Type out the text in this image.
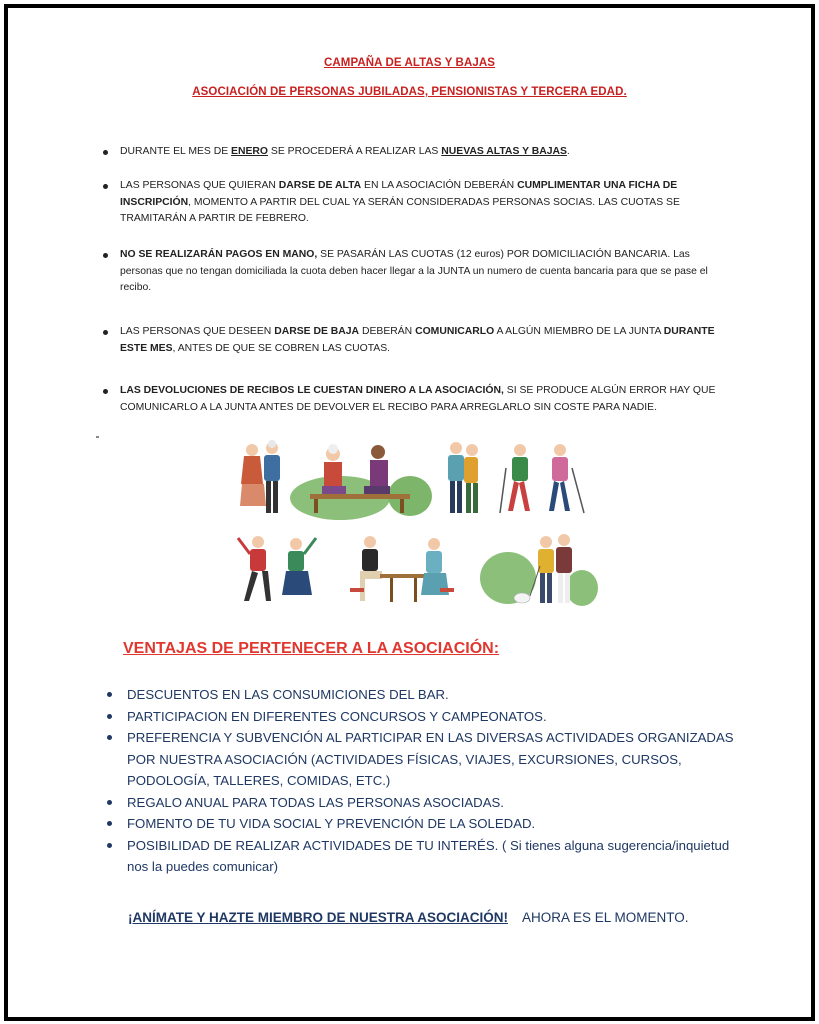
CAMPAÑA DE ALTAS Y BAJAS
ASOCIACIÓN DE PERSONAS JUBILADAS, PENSIONISTAS Y TERCERA EDAD.
DURANTE EL MES DE ENERO SE PROCEDERÁ A REALIZAR LAS NUEVAS ALTAS Y BAJAS.
LAS PERSONAS QUE QUIERAN DARSE DE ALTA EN LA ASOCIACIÓN DEBERÁN CUMPLIMENTAR UNA FICHA DE INSCRIPCIÓN, MOMENTO A PARTIR DEL CUAL YA SERÁN CONSIDERADAS PERSONAS SOCIAS. LAS CUOTAS SE TRAMITARÁN A PARTIR DE FEBRERO.
NO SE REALIZARÁN PAGOS EN MANO, SE PASARÁN LAS CUOTAS (12 euros) POR DOMICILIACIÓN BANCARIA. Las personas que no tengan domiciliada la cuota deben hacer llegar a la JUNTA un numero de cuenta bancaria para que se pase el recibo.
LAS PERSONAS QUE DESEEN DARSE DE BAJA DEBERÁN COMUNICARLO A ALGÚN MIEMBRO DE LA JUNTA DURANTE ESTE MES, ANTES DE QUE SE COBREN LAS CUOTAS.
LAS DEVOLUCIONES DE RECIBOS LE CUESTAN DINERO A LA ASOCIACIÓN, SI SE PRODUCE ALGÚN ERROR HAY QUE COMUNICARLO A LA JUNTA ANTES DE DEVOLVER EL RECIBO PARA ARREGLARLO SIN COSTE PARA NADIE.
VENTAJAS DE PERTENECER A LA ASOCIACIÓN:
DESCUENTOS EN LAS CONSUMICIONES DEL BAR.
PARTICIPACION EN DIFERENTES CONCURSOS Y CAMPEONATOS.
PREFERENCIA Y SUBVENCIÓN AL PARTICIPAR EN LAS DIVERSAS ACTIVIDADES ORGANIZADAS POR NUESTRA ASOCIACIÓN (ACTIVIDADES FÍSICAS, VIAJES, EXCURSIONES, CURSOS, PODOLOGÍA, TALLERES, COMIDAS, ETC.)
REGALO ANUAL PARA TODAS LAS PERSONAS ASOCIADAS.
FOMENTO DE TU VIDA SOCIAL Y PREVENCIÓN DE LA SOLEDAD.
POSIBILIDAD DE REALIZAR ACTIVIDADES DE TU INTERÉS. ( Si tienes alguna sugerencia/inquietud nos la puedes comunicar)
¡ANÍMATE Y HAZTE MIEMBRO DE NUESTRA ASOCIACIÓN! AHORA ES EL MOMENTO.
